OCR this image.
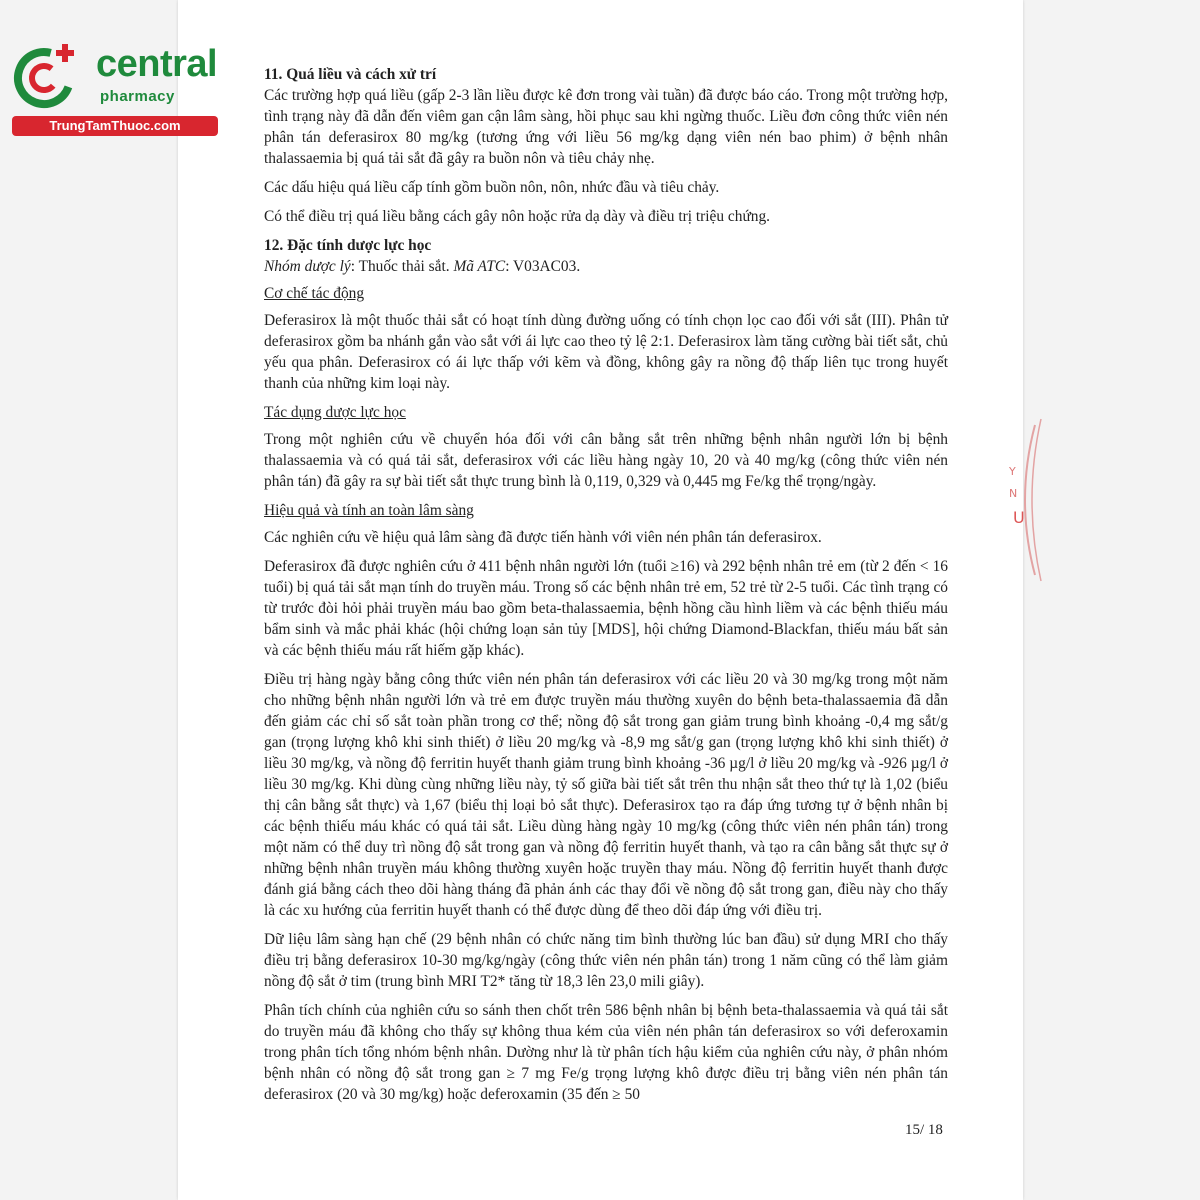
central
pharmacy
TrungTamThuoc.com
Y
N
U
11. Quá liều và cách xử trí

Các trường hợp quá liều (gấp 2-3 lần liều được kê đơn trong vài tuần) đã được báo cáo. Trong một trường hợp, tình trạng này đã dẫn đến viêm gan cận lâm sàng, hồi phục sau khi ngừng thuốc. Liều đơn công thức viên nén phân tán deferasirox 80 mg/kg (tương ứng với liều 56 mg/kg dạng viên nén bao phim) ở bệnh nhân thalassaemia bị quá tải sắt đã gây ra buồn nôn và tiêu chảy nhẹ.

Các dấu hiệu quá liều cấp tính gồm buồn nôn, nôn, nhức đầu và tiêu chảy.

Có thể điều trị quá liều bằng cách gây nôn hoặc rửa dạ dày và điều trị triệu chứng.

12. Đặc tính dược lực học

Nhóm dược lý: Thuốc thải sắt. Mã ATC: V03AC03.

Cơ chế tác động

Deferasirox là một thuốc thải sắt có hoạt tính dùng đường uống có tính chọn lọc cao đối với sắt (III). Phân tử deferasirox gồm ba nhánh gắn vào sắt với ái lực cao theo tỷ lệ 2:1. Deferasirox làm tăng cường bài tiết sắt, chủ yếu qua phân. Deferasirox có ái lực thấp với kẽm và đồng, không gây ra nồng độ thấp liên tục trong huyết thanh của những kim loại này.

Tác dụng dược lực học

Trong một nghiên cứu về chuyển hóa đối với cân bằng sắt trên những bệnh nhân người lớn bị bệnh thalassaemia và có quá tải sắt, deferasirox với các liều hàng ngày 10, 20 và 40 mg/kg (công thức viên nén phân tán) đã gây ra sự bài tiết sắt thực trung bình là 0,119, 0,329 và 0,445 mg Fe/kg thể trọng/ngày.

Hiệu quả và tính an toàn lâm sàng

Các nghiên cứu về hiệu quả lâm sàng đã được tiến hành với viên nén phân tán deferasirox.

Deferasirox đã được nghiên cứu ở 411 bệnh nhân người lớn (tuổi ≥16) và 292 bệnh nhân trẻ em (từ 2 đến < 16 tuổi) bị quá tải sắt mạn tính do truyền máu. Trong số các bệnh nhân trẻ em, 52 trẻ từ 2-5 tuổi. Các tình trạng có từ trước đòi hỏi phải truyền máu bao gồm beta-thalassaemia, bệnh hồng cầu hình liềm và các bệnh thiếu máu bẩm sinh và mắc phải khác (hội chứng loạn sản tủy [MDS], hội chứng Diamond-Blackfan, thiếu máu bất sản và các bệnh thiếu máu rất hiếm gặp khác).

Điều trị hàng ngày bằng công thức viên nén phân tán deferasirox với các liều 20 và 30 mg/kg trong một năm cho những bệnh nhân người lớn và trẻ em được truyền máu thường xuyên do bệnh beta-thalassaemia đã dẫn đến giảm các chỉ số sắt toàn phần trong cơ thể; nồng độ sắt trong gan giảm trung bình khoảng -0,4 mg sắt/g gan (trọng lượng khô khi sinh thiết) ở liều 20 mg/kg và -8,9 mg sắt/g gan (trọng lượng khô khi sinh thiết) ở liều 30 mg/kg, và nồng độ ferritin huyết thanh giảm trung bình khoảng -36 µg/l ở liều 20 mg/kg và -926 µg/l ở liều 30 mg/kg. Khi dùng cùng những liều này, tỷ số giữa bài tiết sắt trên thu nhận sắt theo thứ tự là 1,02 (biểu thị cân bằng sắt thực) và 1,67 (biểu thị loại bỏ sắt thực). Deferasirox tạo ra đáp ứng tương tự ở bệnh nhân bị các bệnh thiếu máu khác có quá tải sắt. Liều dùng hàng ngày 10 mg/kg (công thức viên nén phân tán) trong một năm có thể duy trì nồng độ sắt trong gan và nồng độ ferritin huyết thanh, và tạo ra cân bằng sắt thực sự ở những bệnh nhân truyền máu không thường xuyên hoặc truyền thay máu. Nồng độ ferritin huyết thanh được đánh giá bằng cách theo dõi hàng tháng đã phản ánh các thay đổi về nồng độ sắt trong gan, điều này cho thấy là các xu hướng của ferritin huyết thanh có thể được dùng để theo dõi đáp ứng với điều trị.

Dữ liệu lâm sàng hạn chế (29 bệnh nhân có chức năng tim bình thường lúc ban đầu) sử dụng MRI cho thấy điều trị bằng deferasirox 10-30 mg/kg/ngày (công thức viên nén phân tán) trong 1 năm cũng có thể làm giảm nồng độ sắt ở tim (trung bình MRI T2* tăng từ 18,3 lên 23,0 mili giây).

Phân tích chính của nghiên cứu so sánh then chốt trên 586 bệnh nhân bị bệnh beta-thalassaemia và quá tải sắt do truyền máu đã không cho thấy sự không thua kém của viên nén phân tán deferasirox so với deferoxamin trong phân tích tổng nhóm bệnh nhân. Dường như là từ phân tích hậu kiểm của nghiên cứu này, ở phân nhóm bệnh nhân có nồng độ sắt trong gan ≥ 7 mg Fe/g trọng lượng khô được điều trị bằng viên nén phân tán deferasirox (20 và 30 mg/kg) hoặc deferoxamin (35 đến ≥ 50

15/ 18
